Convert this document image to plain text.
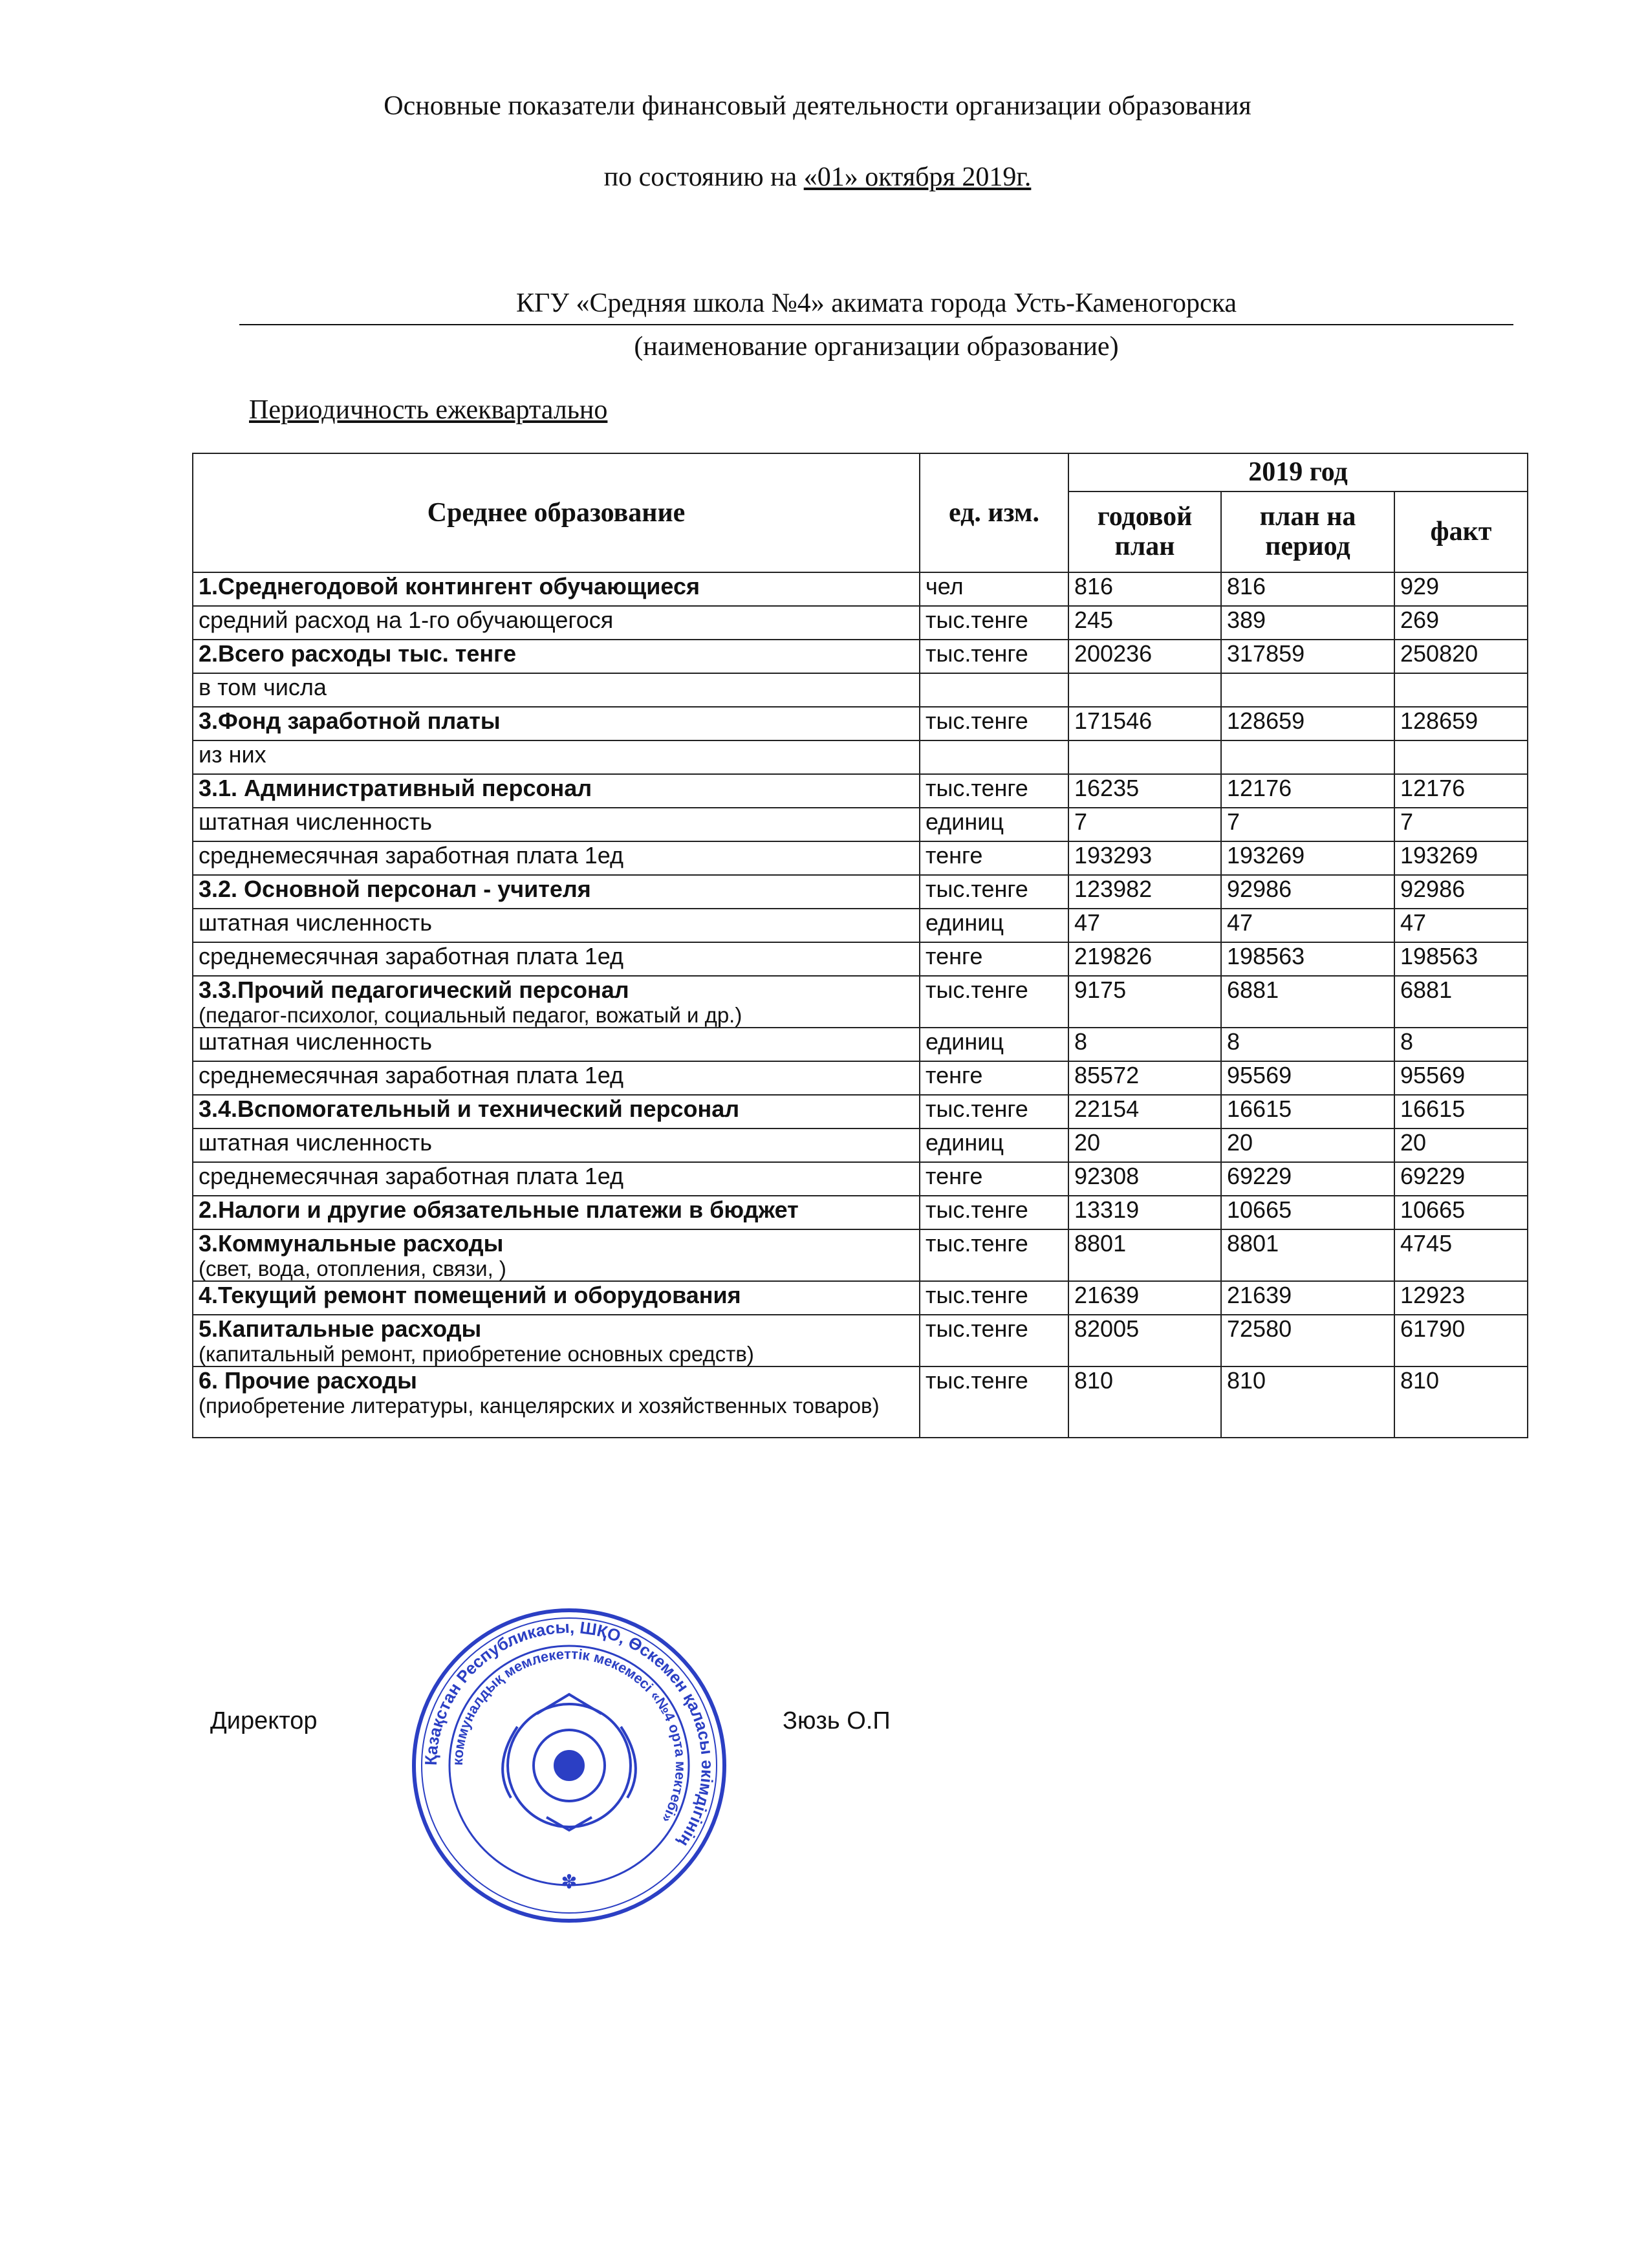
Основные показатели финансовый деятельности организации образования
по состоянию на «01» октября 2019г.
КГУ «Средняя школа №4» акимата города Усть-Каменогорска
(наименование организации образование)
Периодичность ежеквартально
Среднее образование	ед. изм.	2019 год		
		годовой план	план на период	факт
1.Среднегодовой контингент обучающиеся	чел	816	816	929
средний расход на 1-го обучающегося	тыс.тенге	245	389	269
2.Всего расходы тыс. тенге	тыс.тенге	200236	317859	250820
в том числа				
3.Фонд заработной платы	тыс.тенге	171546	128659	128659
из них				
3.1. Административный персонал	тыс.тенге	16235	12176	12176
штатная численность	единиц	7	7	7
среднемесячная заработная плата 1ед	тенге	193293	193269	193269
3.2. Основной персонал - учителя	тыс.тенге	123982	92986	92986
штатная численность	единиц	47	47	47
среднемесячная заработная плата 1ед	тенге	219826	198563	198563
3.3.Прочий педагогический персонал
(педагог-психолог, социальный педагог, вожатый и др.)	тыс.тенге	9175	6881	6881
штатная численность	единиц	8	8	8
среднемесячная заработная плата 1ед	тенге	85572	95569	95569
3.4.Вспомогательный и технический персонал	тыс.тенге	22154	16615	16615
штатная численность	единиц	20	20	20
среднемесячная заработная плата 1ед	тенге	92308	69229	69229
2.Налоги и другие обязательные платежи в бюджет	тыс.тенге	13319	10665	10665
3.Коммунальные расходы
(свет, вода, отопления, связи, )	тыс.тенге	8801	8801	4745
4.Текущий ремонт помещений и оборудования	тыс.тенге	21639	21639	12923
5.Капитальные расходы
(капитальный ремонт, приобретение основных средств)	тыс.тенге	82005	72580	61790
6. Прочие расходы
(приобретение литературы, канцелярских и хозяйственных товаров)	тыс.тенге	810	810	810
Директор	Зюзь О.П
Қазақстан Республикасы, ШҚО, Өскемен қаласы әкімдігінің
коммуналдық мемлекеттік мекемесі «№4 орта мектебі»
✽
